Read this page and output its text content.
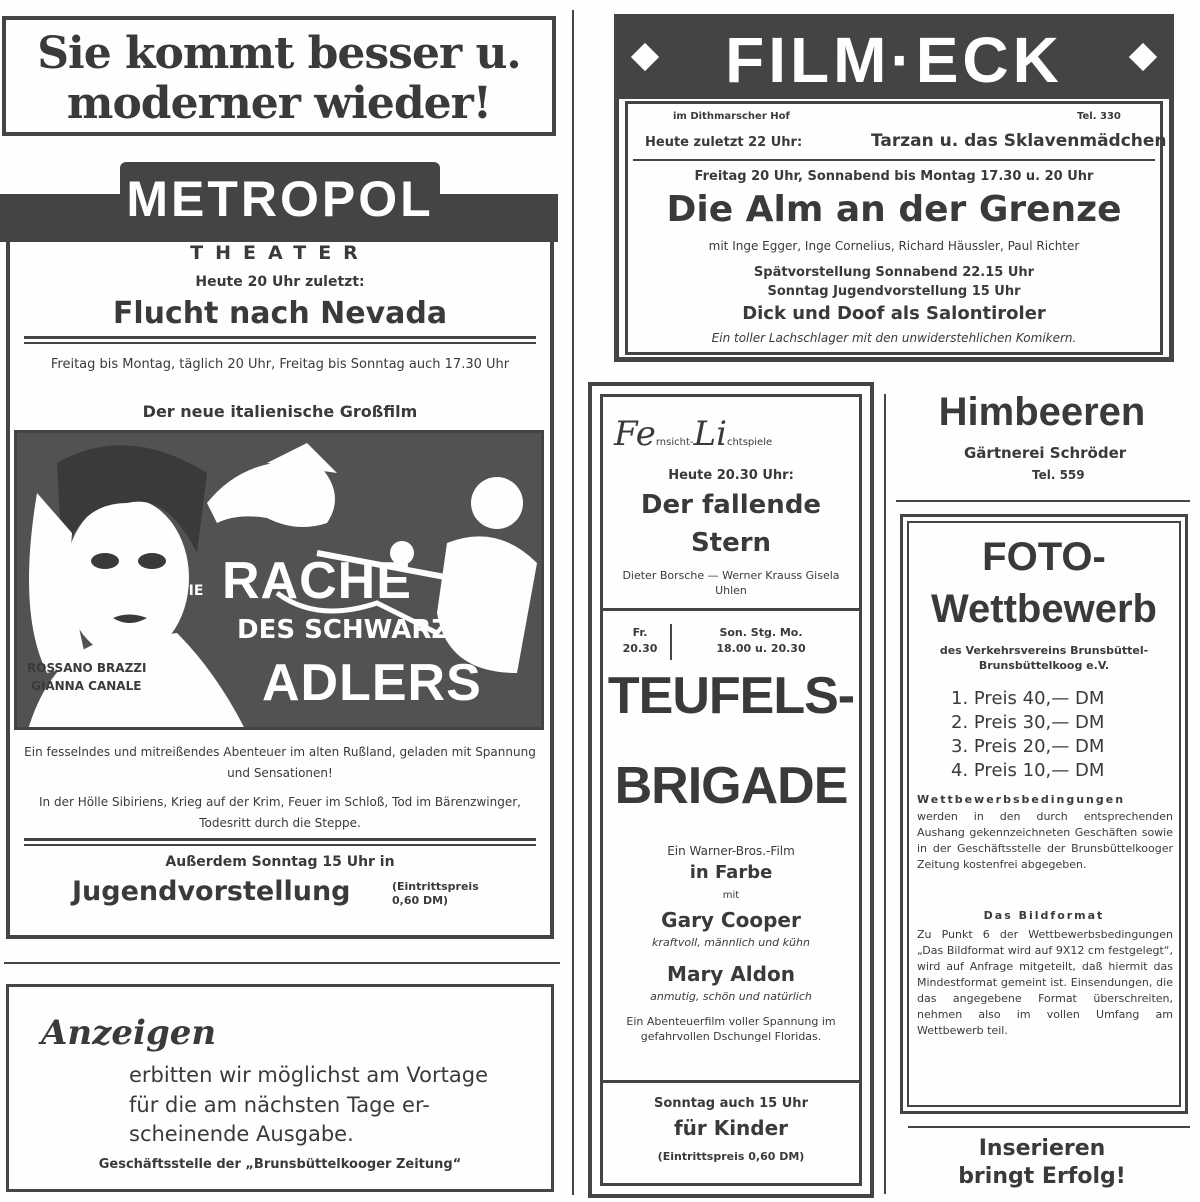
Sie kommt besser u.
moderner wieder!
METROPOL
THEATER
Heute 20 Uhr zuletzt:
Flucht nach Nevada
Freitag bis Montag, täglich 20 Uhr, Freitag bis Sonntag auch 17.30 Uhr
Der neue italienische Großfilm
DIE RACHE
DES SCHWARZEN
ADLERS
ROSSANO BRAZZI
GIANNA CANALE
Ein fesselndes und mitreißendes Abenteuer im alten Rußland, geladen mit Spannung und Sensationen!
In der Hölle Sibiriens, Krieg auf der Krim, Feuer im Schloß, Tod im Bärenzwinger, Todesritt durch die Steppe.
Außerdem Sonntag 15 Uhr in
Jugendvorstellung	(Eintrittspreis 0,60 DM)
Anzeigen
erbitten wir möglichst am Vortage
für die am nächsten Tage er-
scheinende Ausgabe.
Geschäftsstelle der „Brunsbüttelkooger Zeitung“
FILM·ECK
im Dithmarscher Hof	Tel. 330
Heute zuletzt 22 Uhr:	Tarzan u. das Sklavenmädchen
Freitag 20 Uhr, Sonnabend bis Montag 17.30 u. 20 Uhr
Die Alm an der Grenze
mit Inge Egger, Inge Cornelius, Richard Häussler, Paul Richter
Spätvorstellung Sonnabend 22.15 Uhr
Sonntag Jugendvorstellung 15 Uhr
Dick und Doof als Salontiroler
Ein toller Lachschlager mit den unwiderstehlichen Komikern.
Fernsicht-Lichtspiele
Heute 20.30 Uhr:
Der fallende
Stern
Dieter Borsche — Werner Krauss Gisela Uhlen
Fr.
20.30
Son. Stg. Mo.
18.00 u. 20.30
TEUFELS-
BRIGADE
Ein Warner-Bros.-Film
in Farbe
mit
Gary Cooper
kraftvoll, männlich und kühn
Mary Aldon
anmutig, schön und natürlich
Ein Abenteuerfilm voller Spannung im gefahrvollen Dschungel Floridas.
Sonntag auch 15 Uhr
für Kinder
(Eintrittspreis 0,60 DM)
Himbeeren
Gärtnerei Schröder
Tel. 559
FOTO-
Wettbewerb
des Verkehrsvereins Brunsbüttel-Brunsbüttelkoog e.V.
1. Preis 40,— DM
2. Preis 30,— DM
3. Preis 20,— DM
4. Preis 10,— DM
Wettbewerbsbedingungen
werden in den durch entsprechenden Aushang gekennzeichneten Geschäften sowie in der Geschäftsstelle der Brunsbüttelkooger Zeitung kostenfrei abgegeben.
Das Bildformat
Zu Punkt 6 der Wettbewerbsbedingungen „Das Bildformat wird auf 9X12 cm festgelegt“, wird auf Anfrage mitgeteilt, daß hiermit das Mindestformat gemeint ist. Einsendungen, die das angegebene Format überschreiten, nehmen also im vollen Umfang am Wettbewerb teil.
Inserieren
bringt Erfolg!
